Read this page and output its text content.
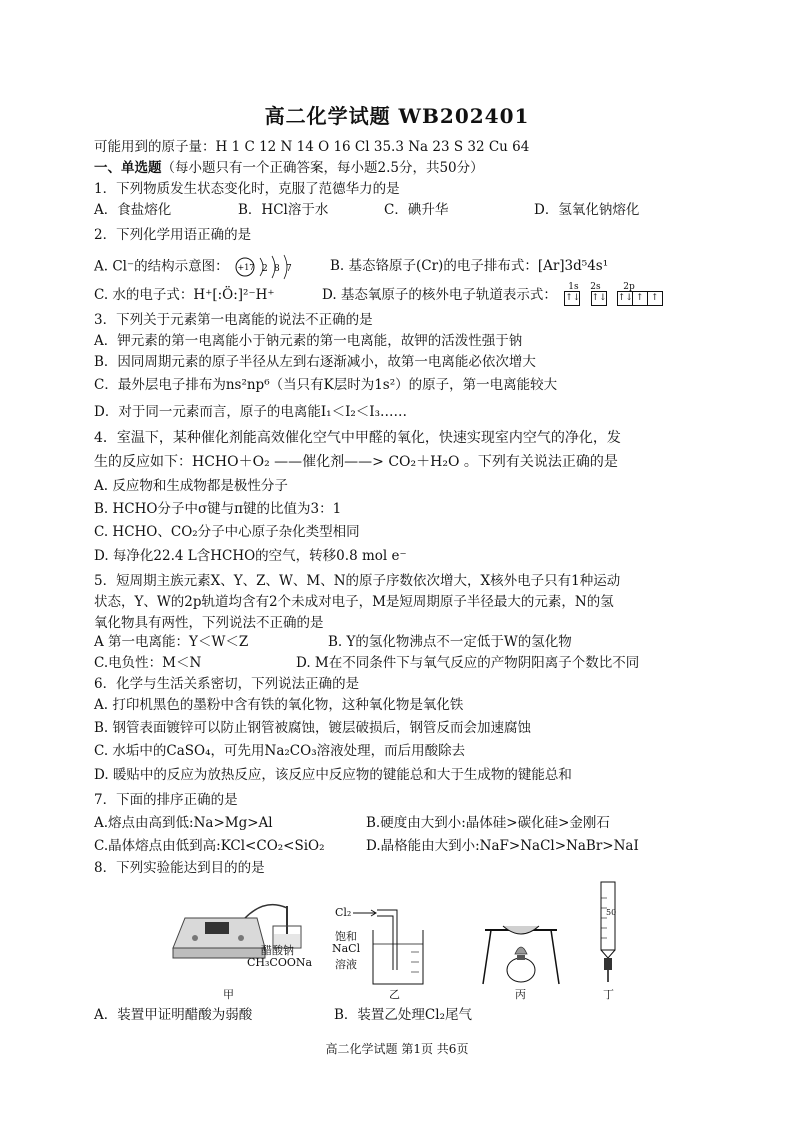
高二化学试题 WB202401
可能用到的原子量：H 1 C 12 N 14 O 16 Cl 35.3 Na 23 S 32 Cu 64
一、单选题（每小题只有一个正确答案，每小题2.5分，共50分）
1．下列物质发生状态变化时，克服了范德华力的是
A．食盐熔化	B．HCl溶于水	C．碘升华	D．氢氧化钠熔化
2．下列化学用语正确的是
A. Cl⁻的结构示意图： +17 2 8 7	B. 基态铬原子(Cr)的电子排布式：[Ar]3d⁵4s¹
C. 水的电子式：H⁺[:Ö:]²⁻H⁺	D. 基态氧原子的核外电子轨道表示式： 1s 2s	2p
↑↓ ↑↓ ↑↓ ↑ ↑
3．下列关于元素第一电离能的说法不正确的是
A．钾元素的第一电离能小于钠元素的第一电离能，故钾的活泼性强于钠
B．因同周期元素的原子半径从左到右逐渐减小，故第一电离能必依次增大
C．最外层电子排布为ns²np⁶（当只有K层时为1s²）的原子，第一电离能较大
D．对于同一元素而言，原子的电离能I₁＜I₂＜I₃……
4．室温下，某种催化剂能高效催化空气中甲醛的氧化，快速实现室内空气的净化，发
生的反应如下：HCHO＋O₂ ——催化剂——> CO₂＋H₂O 。下列有关说法正确的是
A. 反应物和生成物都是极性分子
B. HCHO分子中σ键与π键的比值为3：1
C. HCHO、CO₂分子中心原子杂化类型相同
D. 每净化22.4 L含HCHO的空气，转移0.8 mol e⁻
5．短周期主族元素X、Y、Z、W、M、N的原子序数依次增大，X核外电子只有1种运动
状态，Y、W的2p轨道均含有2个未成对电子，M是短周期原子半径最大的元素，N的氢
氧化物具有两性，下列说法不正确的是
A 第一电离能：Y＜W＜Z	B. Y的氢化物沸点不一定低于W的氢化物
C.电负性：M＜N	D. M在不同条件下与氧气反应的产物阴阳离子个数比不同
6．化学与生活关系密切，下列说法正确的是
A. 打印机黑色的墨粉中含有铁的氧化物，这种氧化物是氧化铁
B. 钢管表面镀锌可以防止钢管被腐蚀，镀层破损后，钢管反而会加速腐蚀
C. 水垢中的CaSO₄，可先用Na₂CO₃溶液处理，而后用酸除去
D. 暖贴中的反应为放热反应，该反应中反应物的键能总和大于生成物的键能总和
7．下面的排序正确的是
A.熔点由高到低:Na>Mg>Al	B.硬度由大到小:晶体硅>碳化硅>金刚石
C.晶体熔点由低到高:KCl<CO₂<SiO₂	D.晶格能由大到小:NaF>NaCl>NaBr>NaI
8．下列实验能达到目的的是
醋酸钠
CH₃COONa
Cl₂
饱和
NaCl
溶液
50
甲	乙	丙	丁
A．装置甲证明醋酸为弱酸	B．装置乙处理Cl₂尾气
高二化学试题 第1页 共6页
